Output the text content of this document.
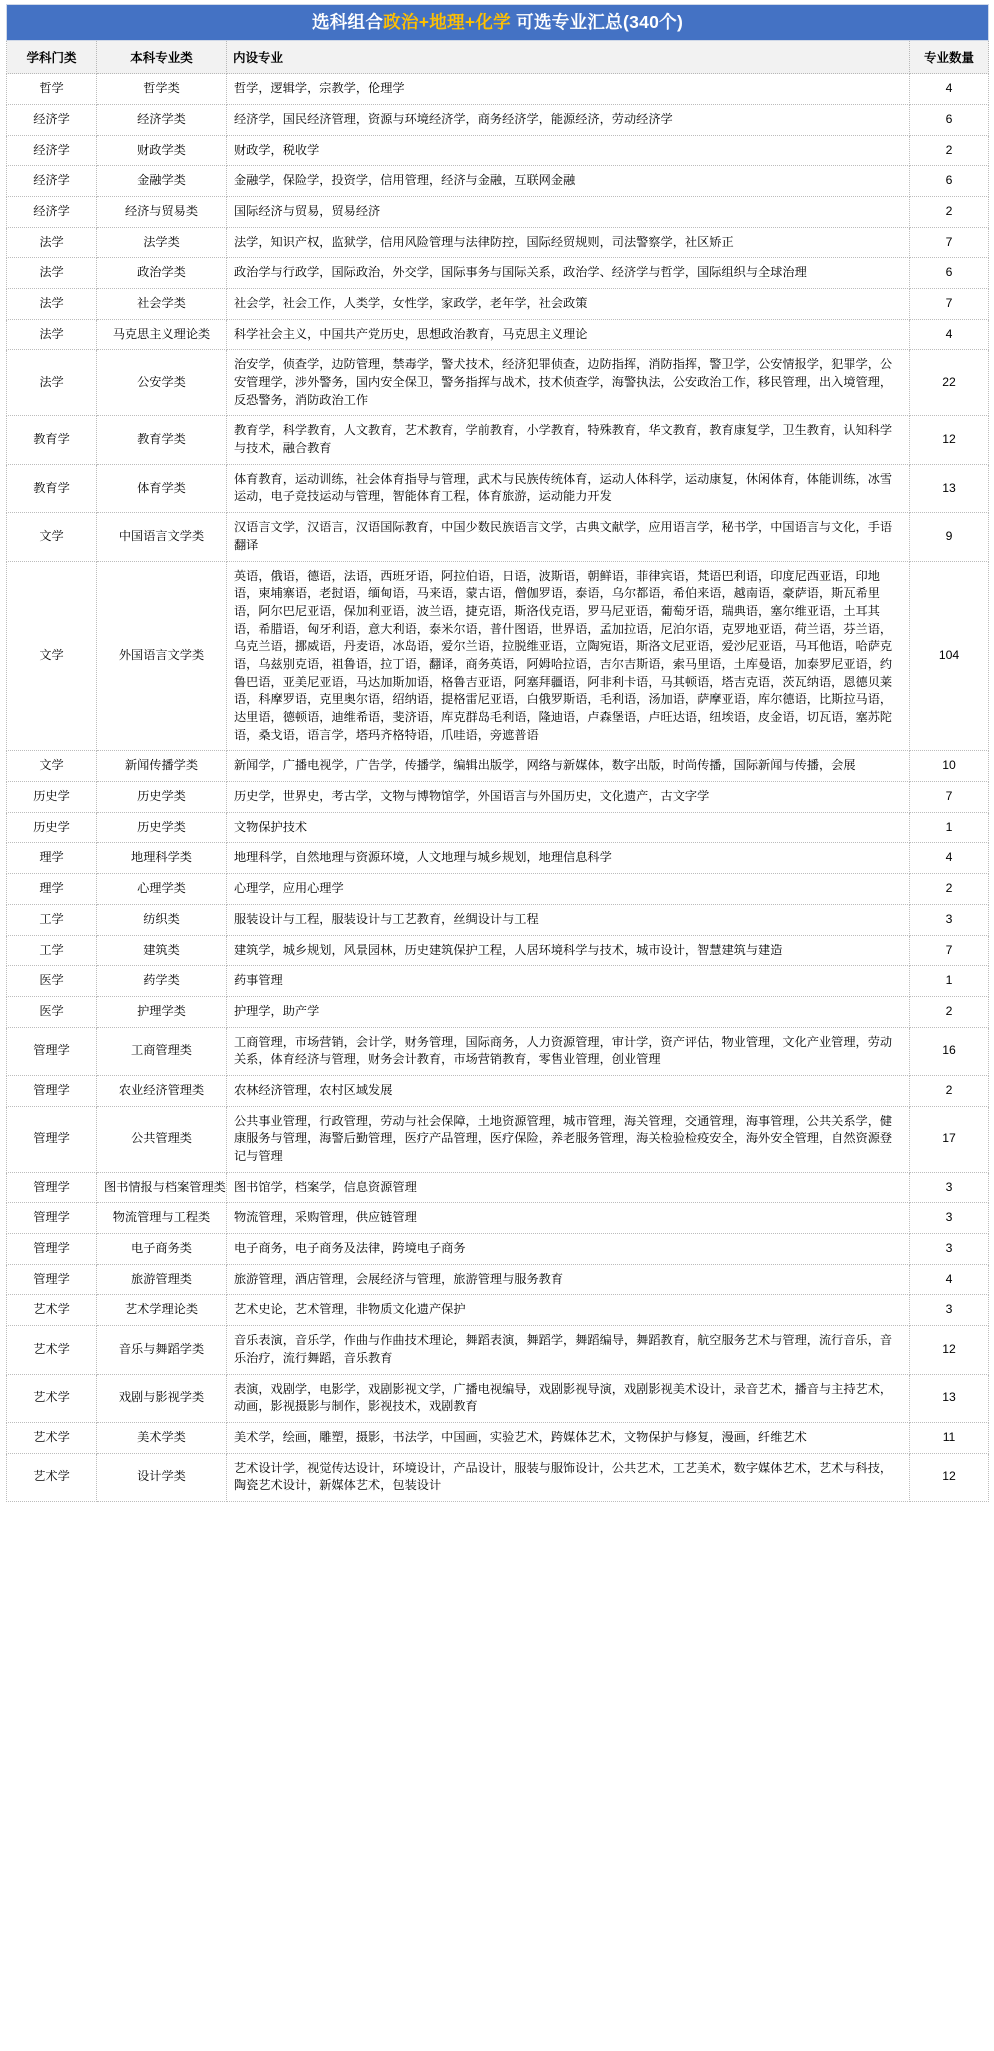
选科组合政治+地理+化学 可选专业汇总(340个)			
学科门类	本科专业类	内设专业	专业数量
哲学	哲学类	哲学，逻辑学，宗教学，伦理学	4
经济学	经济学类	经济学，国民经济管理，资源与环境经济学，商务经济学，能源经济，劳动经济学	6
经济学	财政学类	财政学，税收学	2
经济学	金融学类	金融学，保险学，投资学，信用管理，经济与金融，互联网金融	6
经济学	经济与贸易类	国际经济与贸易，贸易经济	2
法学	法学类	法学，知识产权，监狱学，信用风险管理与法律防控，国际经贸规则，司法警察学，社区矫正	7
法学	政治学类	政治学与行政学，国际政治，外交学，国际事务与国际关系，政治学、经济学与哲学，国际组织与全球治理	6
法学	社会学类	社会学，社会工作，人类学，女性学，家政学，老年学，社会政策	7
法学	马克思主义理论类	科学社会主义，中国共产党历史，思想政治教育，马克思主义理论	4
法学	公安学类	治安学，侦查学，边防管理，禁毒学，警犬技术，经济犯罪侦查，边防指挥，消防指挥，警卫学，公安情报学，犯罪学，公安管理学，涉外警务，国内安全保卫，警务指挥与战术，技术侦查学，海警执法，公安政治工作，移民管理，出入境管理，反恐警务，消防政治工作	22
教育学	教育学类	教育学，科学教育，人文教育，艺术教育，学前教育，小学教育，特殊教育，华文教育，教育康复学，卫生教育，认知科学与技术，融合教育	12
教育学	体育学类	体育教育，运动训练，社会体育指导与管理，武术与民族传统体育，运动人体科学，运动康复，休闲体育，体能训练，冰雪运动，电子竞技运动与管理，智能体育工程，体育旅游，运动能力开发	13
文学	中国语言文学类	汉语言文学，汉语言，汉语国际教育，中国少数民族语言文学，古典文献学，应用语言学，秘书学，中国语言与文化，手语翻译	9
文学	外国语言文学类	英语，俄语，德语，法语，西班牙语，阿拉伯语，日语，波斯语，朝鲜语，菲律宾语，梵语巴利语，印度尼西亚语，印地语，柬埔寨语，老挝语，缅甸语，马来语，蒙古语，僧伽罗语，泰语，乌尔都语，希伯来语，越南语，豪萨语，斯瓦希里语，阿尔巴尼亚语，保加利亚语，波兰语，捷克语，斯洛伐克语，罗马尼亚语，葡萄牙语，瑞典语，塞尔维亚语，土耳其语，希腊语，匈牙利语，意大利语，泰米尔语，普什图语，世界语，孟加拉语，尼泊尔语，克罗地亚语，荷兰语，芬兰语，乌克兰语，挪威语，丹麦语，冰岛语，爱尔兰语，拉脱维亚语，立陶宛语，斯洛文尼亚语，爱沙尼亚语，马耳他语，哈萨克语，乌兹别克语，祖鲁语，拉丁语，翻译，商务英语，阿姆哈拉语，吉尔吉斯语，索马里语，土库曼语，加泰罗尼亚语，约鲁巴语，亚美尼亚语，马达加斯加语，格鲁吉亚语，阿塞拜疆语，阿非利卡语，马其顿语，塔吉克语，茨瓦纳语，恩德贝莱语，科摩罗语，克里奥尔语，绍纳语，提格雷尼亚语，白俄罗斯语，毛利语，汤加语，萨摩亚语，库尔德语，比斯拉马语，达里语，德顿语，迪维希语，斐济语，库克群岛毛利语，隆迪语，卢森堡语，卢旺达语，纽埃语，皮金语，切瓦语，塞苏陀语，桑戈语，语言学，塔玛齐格特语，爪哇语，旁遮普语	104
文学	新闻传播学类	新闻学，广播电视学，广告学，传播学，编辑出版学，网络与新媒体，数字出版，时尚传播，国际新闻与传播，会展	10
历史学	历史学类	历史学，世界史，考古学，文物与博物馆学，外国语言与外国历史，文化遗产，古文字学	7
历史学	历史学类	文物保护技术	1
理学	地理科学类	地理科学，自然地理与资源环境，人文地理与城乡规划，地理信息科学	4
理学	心理学类	心理学，应用心理学	2
工学	纺织类	服装设计与工程，服装设计与工艺教育，丝绸设计与工程	3
工学	建筑类	建筑学，城乡规划，风景园林，历史建筑保护工程，人居环境科学与技术，城市设计，智慧建筑与建造	7
医学	药学类	药事管理	1
医学	护理学类	护理学，助产学	2
管理学	工商管理类	工商管理，市场营销，会计学，财务管理，国际商务，人力资源管理，审计学，资产评估，物业管理，文化产业管理，劳动关系，体育经济与管理，财务会计教育，市场营销教育，零售业管理，创业管理	16
管理学	农业经济管理类	农林经济管理，农村区域发展	2
管理学	公共管理类	公共事业管理，行政管理，劳动与社会保障，土地资源管理，城市管理，海关管理，交通管理，海事管理，公共关系学，健康服务与管理，海警后勤管理，医疗产品管理，医疗保险，养老服务管理，海关检验检疫安全，海外安全管理，自然资源登记与管理	17
管理学	图书情报与档案管理类	图书馆学，档案学，信息资源管理	3
管理学	物流管理与工程类	物流管理，采购管理，供应链管理	3
管理学	电子商务类	电子商务，电子商务及法律，跨境电子商务	3
管理学	旅游管理类	旅游管理，酒店管理，会展经济与管理，旅游管理与服务教育	4
艺术学	艺术学理论类	艺术史论，艺术管理，非物质文化遗产保护	3
艺术学	音乐与舞蹈学类	音乐表演，音乐学，作曲与作曲技术理论，舞蹈表演，舞蹈学，舞蹈编导，舞蹈教育，航空服务艺术与管理，流行音乐，音乐治疗，流行舞蹈，音乐教育	12
艺术学	戏剧与影视学类	表演，戏剧学，电影学，戏剧影视文学，广播电视编导，戏剧影视导演，戏剧影视美术设计，录音艺术，播音与主持艺术，动画，影视摄影与制作，影视技术，戏剧教育	13
艺术学	美术学类	美术学，绘画，雕塑，摄影，书法学，中国画，实验艺术，跨媒体艺术，文物保护与修复，漫画，纤维艺术	11
艺术学	设计学类	艺术设计学，视觉传达设计，环境设计，产品设计，服装与服饰设计，公共艺术，工艺美术，数字媒体艺术，艺术与科技，陶瓷艺术设计，新媒体艺术，包装设计	12
